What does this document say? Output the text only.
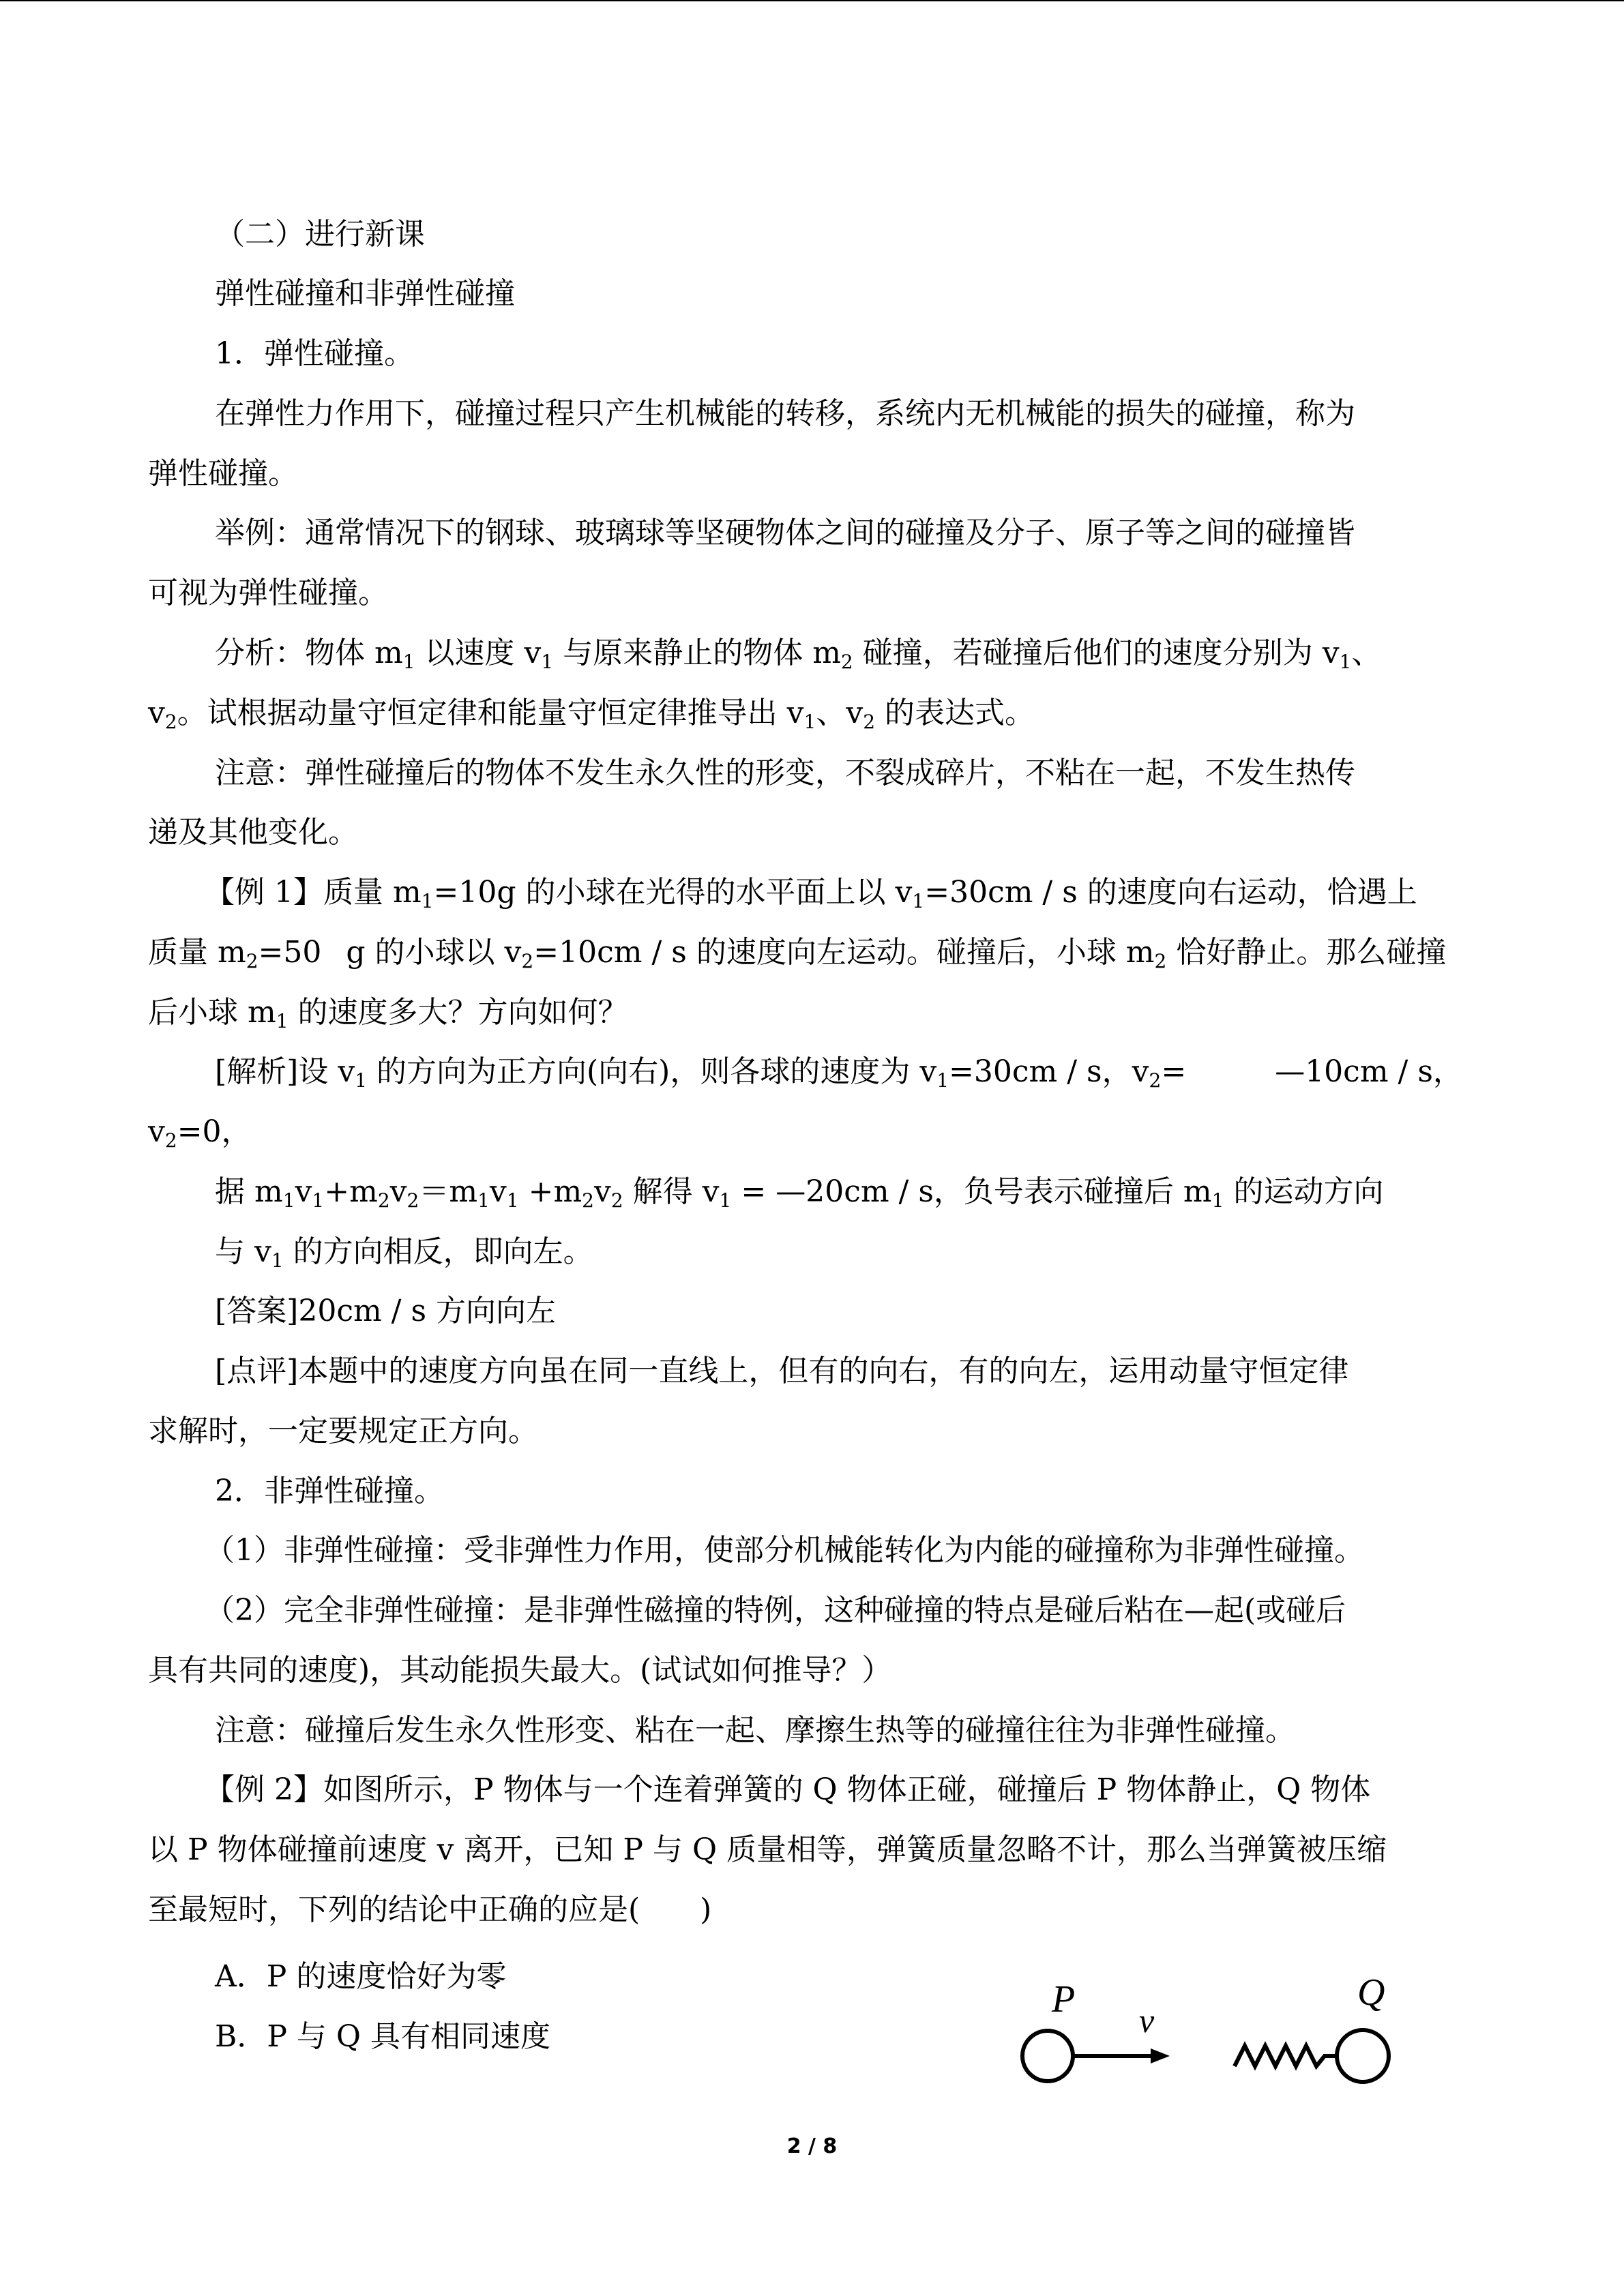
（二）进行新课
弹性碰撞和非弹性碰撞
1．弹性碰撞。
在弹性力作用下，碰撞过程只产生机械能的转移，系统内无机械能的损失的碰撞，称为
弹性碰撞。
举例：通常情况下的钢球、玻璃球等坚硬物体之间的碰撞及分子、原子等之间的碰撞皆
可视为弹性碰撞。
分析：物体 $m_1$ 以速度 $v_1$ 与原来静止的物体 $m_2$ 碰撞，若碰撞后他们的速度分别为 $v_1$、
$v_2$。试根据动量守恒定律和能量守恒定律推导出 $v_1$、$v_2$ 的表达式。
注意：弹性碰撞后的物体不发生永久性的形变，不裂成碎片，不粘在一起，不发生热传
递及其他变化。
【例 1】质量 $m_1=10g$ 的小球在光得的水平面上以 $v_1=30cm / s$ 的速度向右运动，恰遇上
质量 $m_2=50$ g 的小球以 $v_2=10cm / s$ 的速度向左运动。碰撞后，小球 $m_2$ 恰好静止。那么碰撞
后小球 $m_1$ 的速度多大？方向如何？
[解析]设 $v_1$ 的方向为正方向(向右)，则各球的速度为 $v_1=30cm / s$，$v_2=$	—10cm / s，
$v_2=0$，
据 $m_1v_1+m_2v_2=m_1v_1 +m_2v_2$ 解得 $v_1$ = —20cm / s，负号表示碰撞后 $m_1$ 的运动方向
与 $v_1$ 的方向相反，即向左。
[答案]20cm / s 方向向左
[点评]本题中的速度方向虽在同一直线上，但有的向右，有的向左，运用动量守恒定律
求解时，一定要规定正方向。
2．非弹性碰撞。
（1）非弹性碰撞：受非弹性力作用，使部分机械能转化为内能的碰撞称为非弹性碰撞。
（2）完全非弹性碰撞：是非弹性磁撞的特例，这种碰撞的特点是碰后粘在—起(或碰后
具有共同的速度)，其动能损失最大。(试试如何推导？）
注意：碰撞后发生永久性形变、粘在一起、摩擦生热等的碰撞往往为非弹性碰撞。
【例 2】如图所示，P 物体与一个连着弹簧的 Q 物体正碰，碰撞后 P 物体静止，Q 物体
以 P 物体碰撞前速度 v 离开，已知 P 与 Q 质量相等，弹簧质量忽略不计，那么当弹簧被压缩
至最短时，下列的结论中正确的应是(　　)
A．P 的速度恰好为零
B．P 与 Q 具有相同速度
P v
Q
2 / 8
